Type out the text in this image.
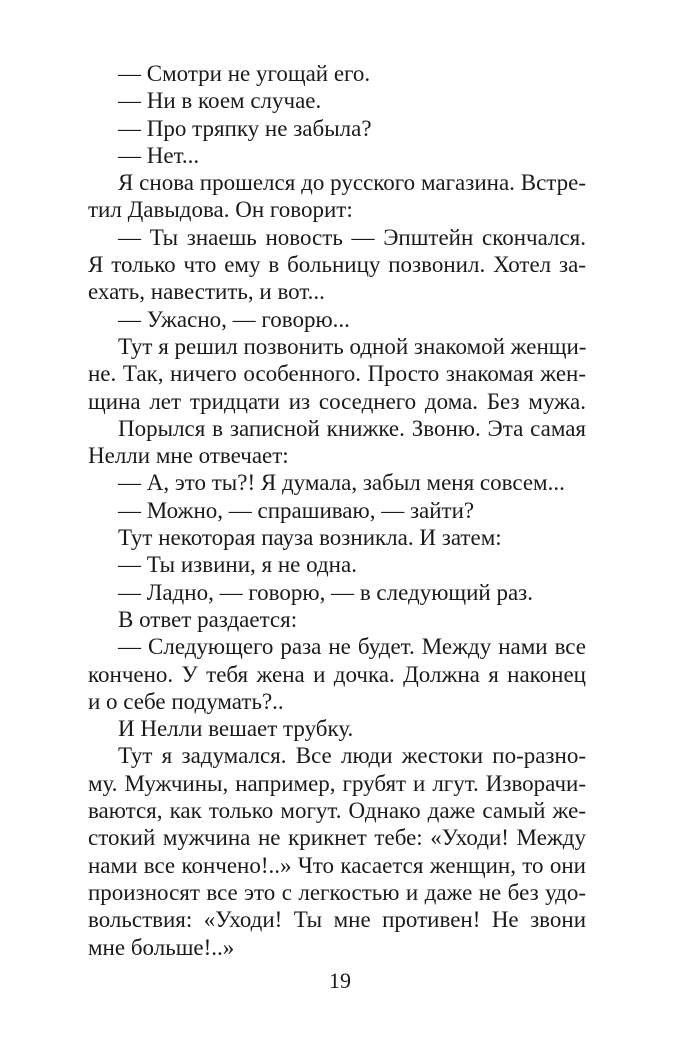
— Смотри не угощай его.
— Ни в коем случае.
— Про тряпку не забыла?
— Нет...
Я снова прошелся до русского магазина. Встре-
тил Давыдова. Он говорит:
— Ты знаешь новость — Эпштейн скончался.
Я только что ему в больницу позвонил. Хотел за-
ехать, навестить, и вот...
— Ужасно, — говорю...
Тут я решил позвонить одной знакомой женщи-
не. Так, ничего особенного. Просто знакомая жен-
щина лет тридцати из соседнего дома. Без мужа.
Порылся в записной книжке. Звоню. Эта самая
Нелли мне отвечает:
— А, это ты?! Я думала, забыл меня совсем...
— Можно, — спрашиваю, — зайти?
Тут некоторая пауза возникла. И затем:
— Ты извини, я не одна.
— Ладно, — говорю, — в следующий раз.
В ответ раздается:
— Следующего раза не будет. Между нами все
кончено. У тебя жена и дочка. Должна я наконец
и о себе подумать?..
И Нелли вешает трубку.
Тут я задумался. Все люди жестоки по-разно-
му. Мужчины, например, грубят и лгут. Изворачи-
ваются, как только могут. Однако даже самый же-
стокий мужчина не крикнет тебе: «Уходи! Между
нами все кончено!..» Что касается женщин, то они
произносят все это с легкостью и даже не без удо-
вольствия: «Уходи! Ты мне противен! Не звони
мне больше!..»
19
